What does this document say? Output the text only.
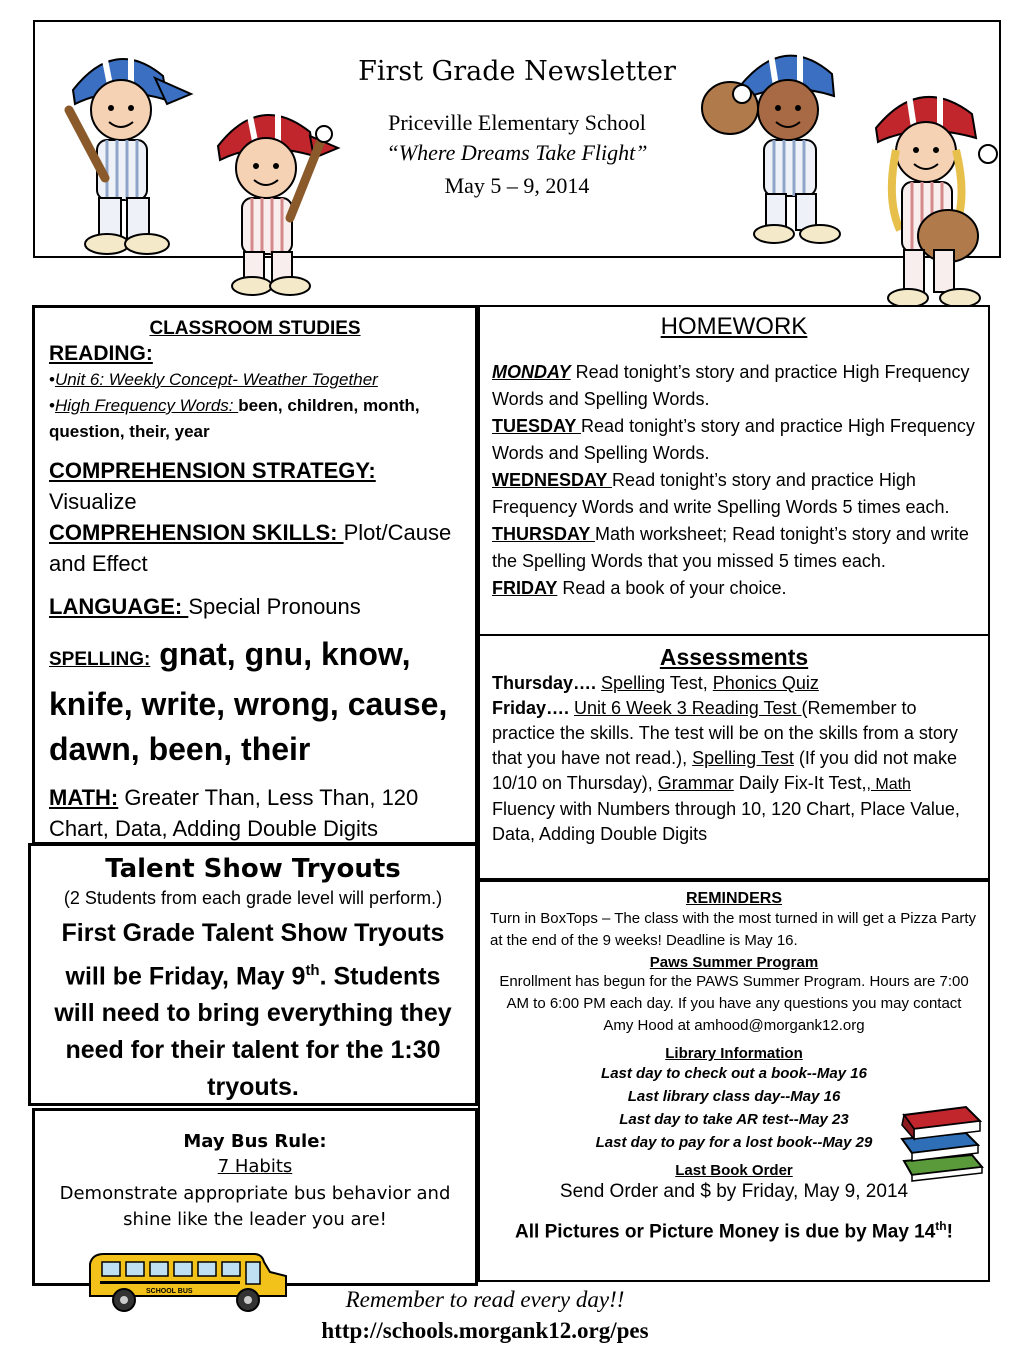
First Grade Newsletter
Priceville Elementary School
“Where Dreams Take Flight”
May 5 – 9, 2014
CLASSROOM STUDIES
READING:
•Unit 6: Weekly Concept- Weather Together
•High Frequency Words: been, children, month, question, their, year
COMPREHENSION STRATEGY: Visualize
COMPREHENSION SKILLS: Plot/Cause and Effect
LANGUAGE: Special Pronouns
SPELLING: gnat, gnu, know, knife, write, wrong, cause, dawn, been, their
MATH: Greater Than, Less Than, 120 Chart, Data, Adding Double Digits
HOMEWORK
MONDAY Read tonight’s story and practice High Frequency Words and Spelling Words.
TUESDAY Read tonight’s story and practice High Frequency Words and Spelling Words.
WEDNESDAY Read tonight’s story and practice High Frequency Words and write Spelling Words 5 times each.
THURSDAY Math worksheet; Read tonight’s story and write the Spelling Words that you missed 5 times each.
FRIDAY Read a book of your choice.
Assessments
Thursday…. Spelling Test, Phonics Quiz
Friday…. Unit 6 Week 3 Reading Test (Remember to practice the skills. The test will be on the skills from a story that you have not read.), Spelling Test (If you did not make 10/10 on Thursday), Grammar Daily Fix-It Test,, Math Fluency with Numbers through 10, 120 Chart, Place Value, Data, Adding Double Digits
Talent Show Tryouts
(2 Students from each grade level will perform.)
First Grade Talent Show Tryouts will be Friday, May 9th. Students will need to bring everything they need for their talent for the 1:30 tryouts.
May Bus Rule:
7 Habits
Demonstrate appropriate bus behavior and shine like the leader you are!
SCHOOL BUS
REMINDERS
Turn in BoxTops – The class with the most turned in will get a Pizza Party at the end of the 9 weeks! Deadline is May 16.
Paws Summer Program
Enrollment has begun for the PAWS Summer Program. Hours are 7:00 AM to 6:00 PM each day. If you have any questions you may contact Amy Hood at amhood@morgank12.org
Library Information
Last day to check out a book--May 16
Last library class day--May 16
Last day to take AR test--May 23
Last day to pay for a lost book--May 29
Last Book Order
Send Order and $ by Friday, May 9, 2014
All Pictures or Picture Money is due by May 14th!
Remember to read every day!!
http://schools.morgank12.org/pes
